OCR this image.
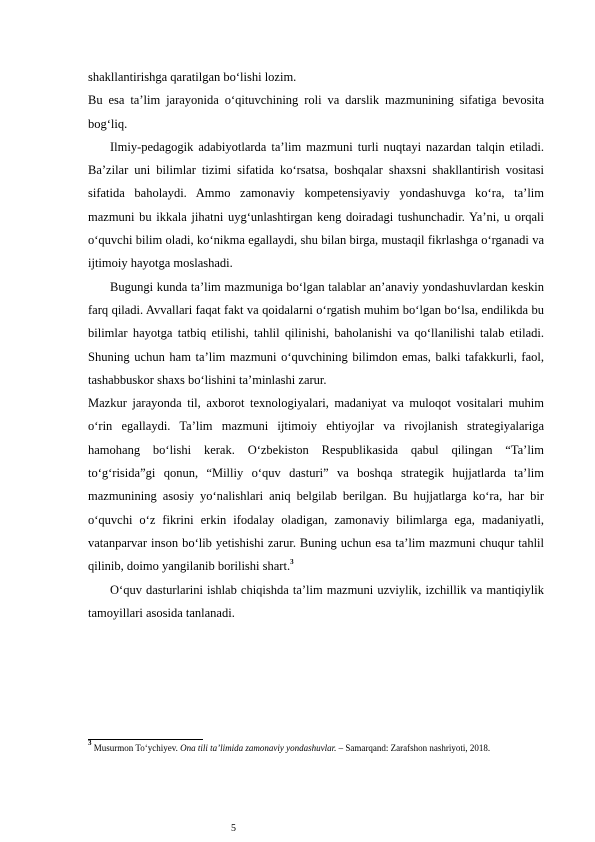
shakllantirishga qaratilgan bo‘lishi lozim.

Bu esa ta’lim jarayonida o‘qituvchining roli va darslik mazmunining sifatiga bevosita bog‘liq.

Ilmiy-pedagogik adabiyotlarda ta’lim mazmuni turli nuqtayi nazardan talqin etiladi. Ba’zilar uni bilimlar tizimi sifatida ko‘rsatsa, boshqalar shaxsni shakllantirish vositasi sifatida baholaydi. Ammo zamonaviy kompetensiyaviy yondashuvga ko‘ra, ta’lim mazmuni bu ikkala jihatni uyg‘unlashtirgan keng doiradagi tushunchadir. Ya’ni, u orqali o‘quvchi bilim oladi, ko‘nikma egallaydi, shu bilan birga, mustaqil fikrlashga o‘rganadi va ijtimoiy hayotga moslashadi.

Bugungi kunda ta’lim mazmuniga bo‘lgan talablar an’anaviy yondashuvlardan keskin farq qiladi. Avvallari faqat fakt va qoidalarni o‘rgatish muhim bo‘lgan bo‘lsa, endilikda bu bilimlar hayotga tatbiq etilishi, tahlil qilinishi, baholanishi va qo‘llanilishi talab etiladi. Shuning uchun ham ta’lim mazmuni o‘quvchining bilimdon emas, balki tafakkurli, faol, tashabbuskor shaxs bo‘lishini ta’minlashi zarur.

Mazkur jarayonda til, axborot texnologiyalari, madaniyat va muloqot vositalari muhim o‘rin egallaydi. Ta’lim mazmuni ijtimoiy ehtiyojlar va rivojlanish strategiyalariga hamohang bo‘lishi kerak. O‘zbekiston Respublikasida qabul qilingan “Ta’lim to‘g‘risida”gi qonun, “Milliy o‘quv dasturi” va boshqa strategik hujjatlarda ta’lim mazmunining asosiy yo‘nalishlari aniq belgilab berilgan. Bu hujjatlarga ko‘ra, har bir o‘quvchi o‘z fikrini erkin ifodalay oladigan, zamonaviy bilimlarga ega, madaniyatli, vatanparvar inson bo‘lib yetishishi zarur. Buning uchun esa ta’lim mazmuni chuqur tahlil qilinib, doimo yangilanib borilishi shart.$^3$

O‘quv dasturlarini ishlab chiqishda ta’lim mazmuni uzviylik, izchillik va mantiqiylik tamoyillari asosida tanlanadi.

$^3$ Musurmon To‘ychiyev. Ona tili ta’limida zamonaviy yondashuvlar. – Samarqand: Zarafshon nashriyoti, 2018.
5
